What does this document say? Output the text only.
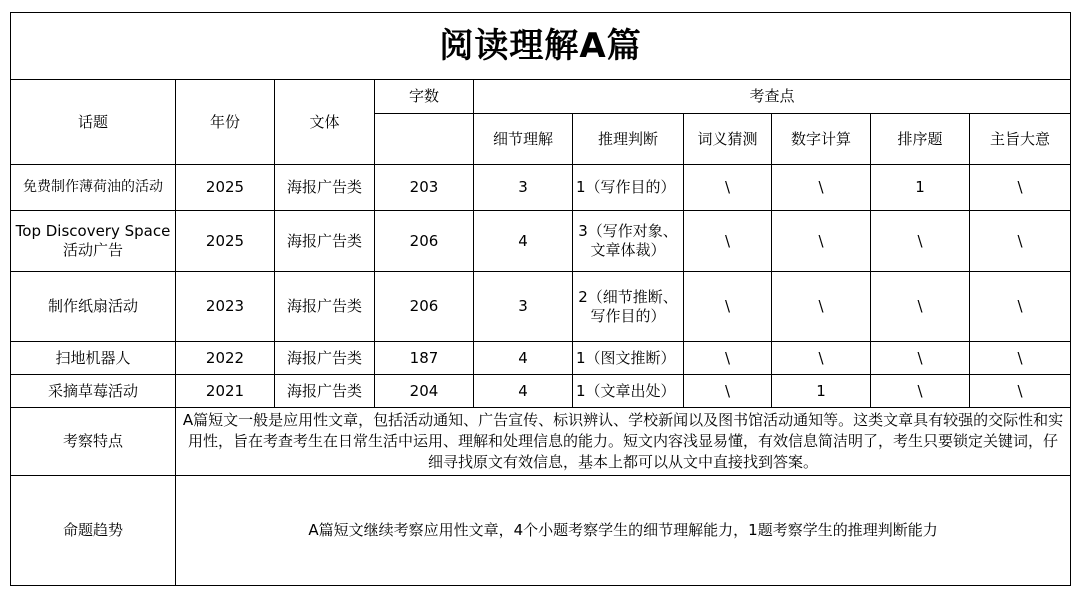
阅读理解A篇									
话题	年份	文体	字数	考查点					
				细节理解	推理判断	词义猜测	数字计算	排序题	主旨大意
免费制作薄荷油的活动	2025	海报广告类	203	3	1（写作目的）	\	\	1	\
Top Discovery Space 活动广告	2025	海报广告类	206	4	3（写作对象、文章体裁）	\	\	\	\
制作纸扇活动	2023	海报广告类	206	3	2（细节推断、写作目的）	\	\	\	\
扫地机器人	2022	海报广告类	187	4	1（图文推断）	\	\	\	\
采摘草莓活动	2021	海报广告类	204	4	1（文章出处）	\	1	\	\
考察特点	A篇短文一般是应用性文章，包括活动通知、广告宣传、标识辨认、学校新闻以及图书馆活动通知等。这类文章具有较强的交际性和实用性，旨在考查考生在日常生活中运用、理解和处理信息的能力。短文内容浅显易懂，有效信息简洁明了，考生只要锁定关键词，仔细寻找原文有效信息，基本上都可以从文中直接找到答案。								
命题趋势	A篇短文继续考察应用性文章，4个小题考察学生的细节理解能力，1题考察学生的推理判断能力								
